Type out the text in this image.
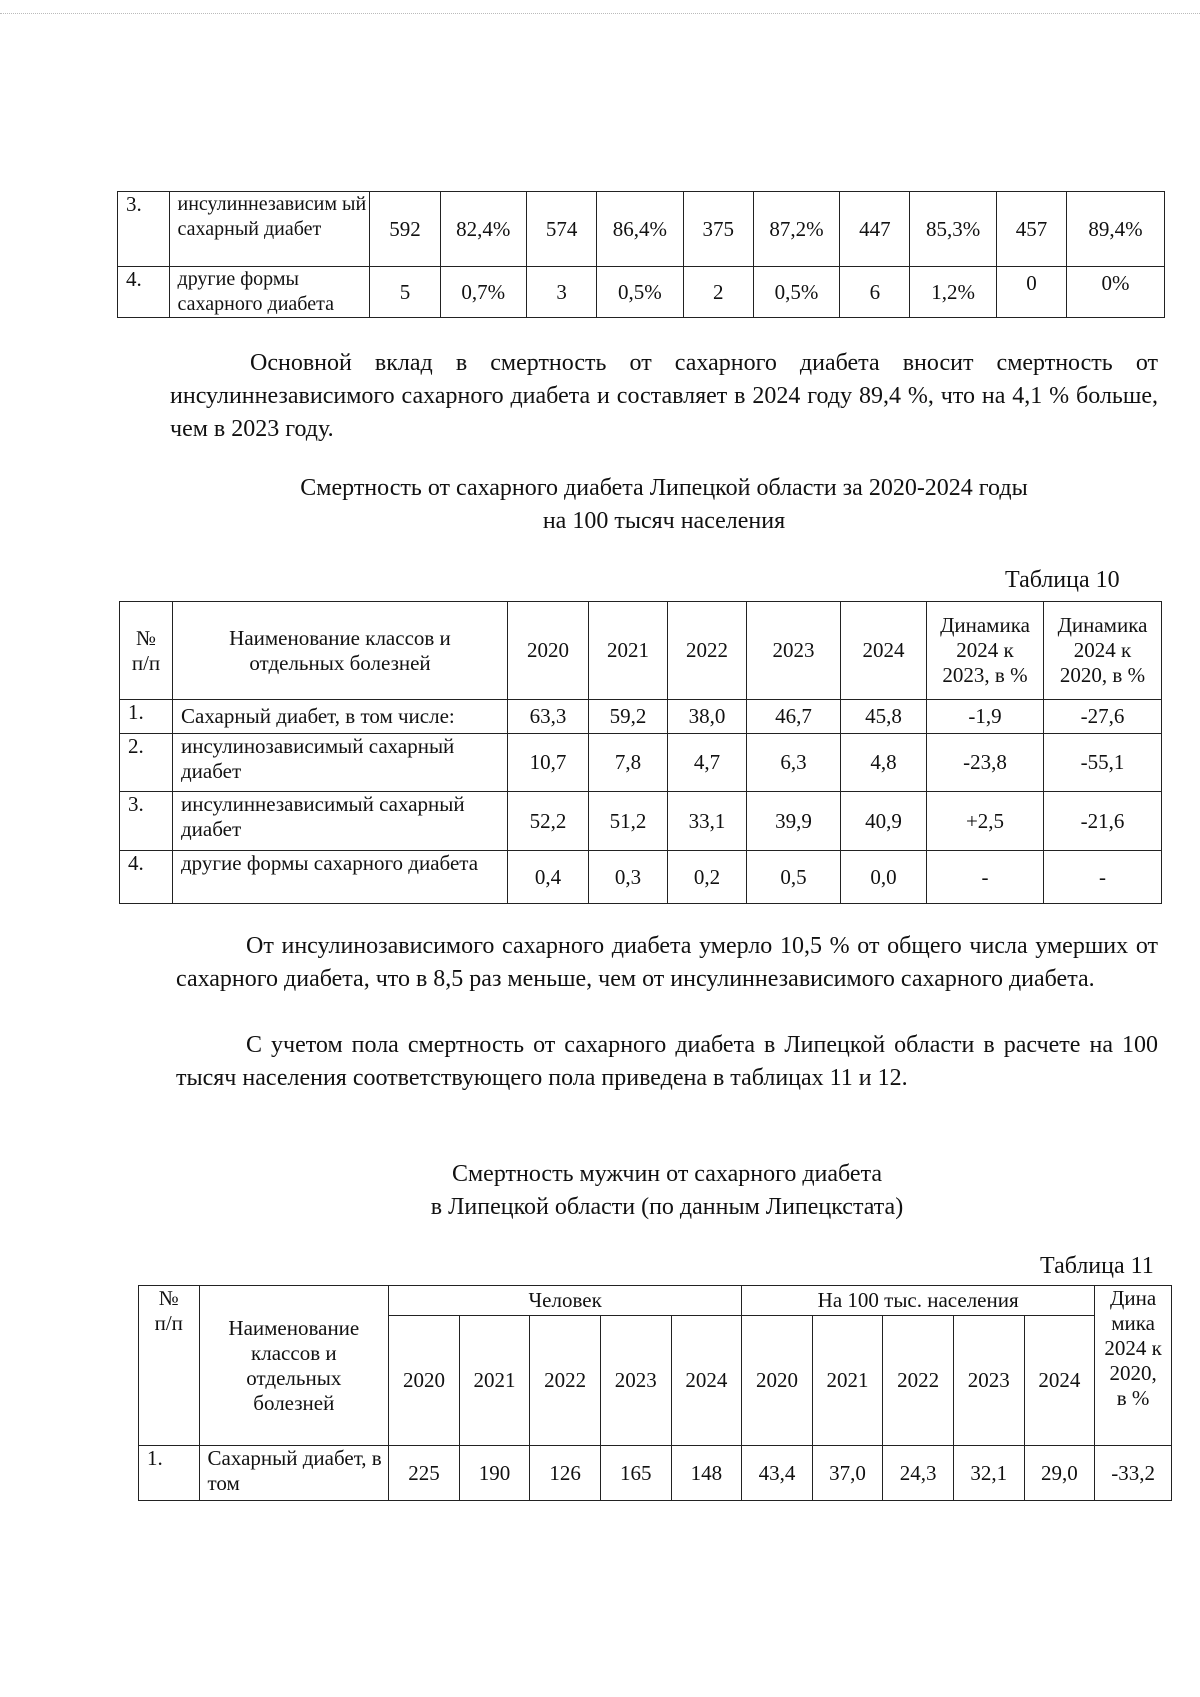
3.	инсулиннезависим ый сахарный диабет	592	82,4%	574	86,4%	375	87,2%	447	85,3%	457	89,4%
4.	другие формы сахарного диабета	5	0,7%	3	0,5%	2	0,5%	6	1,2%	0	0%
Основной вклад в смертность от сахарного диабета вносит смертность от инсулиннезависимого сахарного диабета и составляет в 2024 году 89,4 %, что на 4,1 % больше, чем в 2023 году.
Смертность от сахарного диабета Липецкой области за 2020-2024 годы
на 100 тысяч населения
Таблица 10
№ п/п	Наименование классов и отдельных болезней	2020	2021	2022	2023	2024	Динамика 2024 к 2023, в %	Динамика 2024 к 2020, в %

1.	Сахарный диабет, в том числе:	63,3	59,2	38,0	46,7	45,8	-1,9	-27,6
2.	инсулинозависимый сахарный диабет	10,7	7,8	4,7	6,3	4,8	-23,8	-55,1
3.	инсулиннезависимый сахарный диабет	52,2	51,2	33,1	39,9	40,9	+2,5	-21,6
4.	другие формы сахарного диабета	0,4	0,3	0,2	0,5	0,0	-	-
От инсулинозависимого сахарного диабета умерло 10,5 % от общего числа умерших от сахарного диабета, что в 8,5 раз меньше, чем от инсулиннезависимого сахарного диабета.
С учетом пола смертность от сахарного диабета в Липецкой области в расчете на 100 тысяч населения соответствующего пола приведена в таблицах 11 и 12.
Смертность мужчин от сахарного диабета
в Липецкой области (по данным Липецкстата)
Таблица 11
№ п/п	Наименование классов и отдельных болезней	Человек					На 100 тыс. населения					Дина мика 2024 к 2020, в %

		2020	2021	2022	2023	2024	2020	2021	2022	2023	2024	
1.	Сахарный диабет, в том	225	190	126	165	148	43,4	37,0	24,3	32,1	29,0	-33,2
